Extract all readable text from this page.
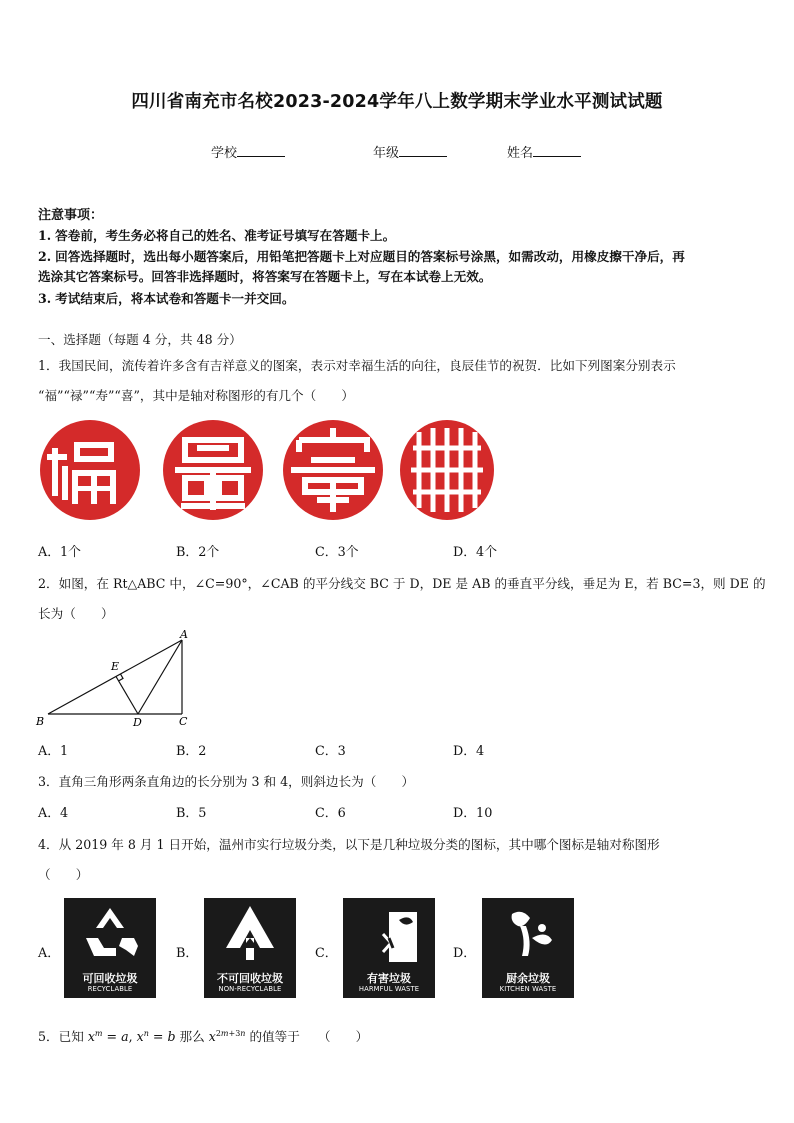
四川省南充市名校2023-2024学年八上数学期末学业水平测试试题
学校	年级	姓名
注意事项：
1. 答卷前，考生务必将自己的姓名、准考证号填写在答题卡上。
2. 回答选择题时，选出每小题答案后，用铅笔把答题卡上对应题目的答案标号涂黑，如需改动，用橡皮擦干净后，再
选涂其它答案标号。回答非选择题时，将答案写在答题卡上，写在本试卷上无效。
3. 考试结束后，将本试卷和答题卡一并交回。
一、选择题（每题 4 分，共 48 分）
1．我国民间，流传着许多含有吉祥意义的图案，表示对幸福生活的向往，良辰佳节的祝贺．比如下列图案分别表示
“福”“禄”“寿”“喜”，其中是轴对称图形的有几个（　　）
A．1个	B．2个	C．3个	D．4个
2．如图，在 Rt△ABC 中，∠C=90°，∠CAB 的平分线交 BC 于 D，DE 是 AB 的垂直平分线，垂足为 E，若 BC=3，则 DE 的
长为（　　）
A
B	C
D
E
A．1	B．2	C．3	D．4
3．直角三角形两条直角边的长分别为 3 和 4，则斜边长为（　　）
A．4	B．5	C．6	D．10
4．从 2019 年 8 月 1 日开始，温州市实行垃圾分类，以下是几种垃圾分类的图标，其中哪个图标是轴对称图形
（　　）
A．	B．	C．	D．
可回收垃圾
RECYCLABLE
不可回收垃圾
NON-RECYCLABLE
有害垃圾
HARMFUL WASTE
厨余垃圾
KITCHEN WASTE
5．已知 $x^m = a$, $x^n = b$ 那么 $x^{2m+3n}$ 的值等于 （　　）
